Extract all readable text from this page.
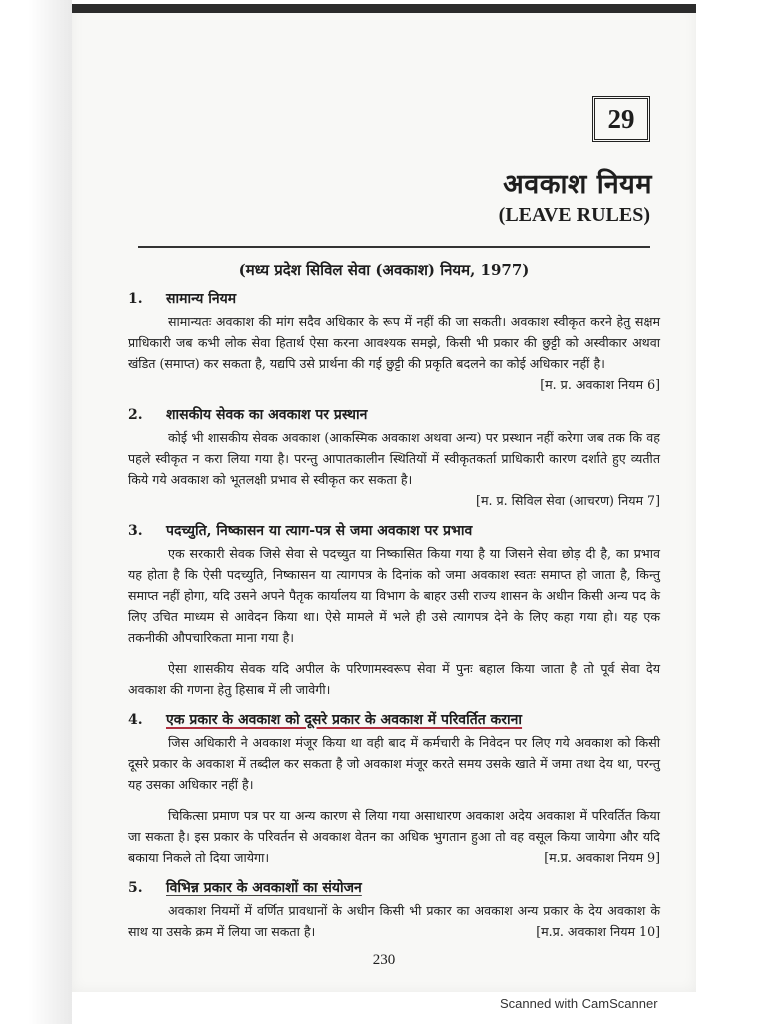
29
अवकाश नियम
(LEAVE RULES)
(मध्य प्रदेश सिविल सेवा (अवकाश) नियम, 1977)
1.	सामान्य नियम

सामान्यतः अवकाश की मांग सदैव अधिकार के रूप में नहीं की जा सकती। अवकाश स्वीकृत करने हेतु सक्षम प्राधिकारी जब कभी लोक सेवा हितार्थ ऐसा करना आवश्यक समझे, किसी भी प्रकार की छुट्टी को अस्वीकार अथवा खंडित (समाप्त) कर सकता है, यद्यपि उसे प्रार्थना की गई छुट्टी की प्रकृति बदलने का कोई अधिकार नहीं है।

[म. प्र. अवकाश नियम 6]
2.	शासकीय सेवक का अवकाश पर प्रस्थान

कोई भी शासकीय सेवक अवकाश (आकस्मिक अवकाश अथवा अन्य) पर प्रस्थान नहीं करेगा जब तक कि वह पहले स्वीकृत न करा लिया गया है। परन्तु आपातकालीन स्थितियों में स्वीकृतकर्ता प्राधिकारी कारण दर्शाते हुए व्यतीत किये गये अवकाश को भूतलक्षी प्रभाव से स्वीकृत कर सकता है।

[म. प्र. सिविल सेवा (आचरण) नियम 7]
3.	पदच्युति, निष्कासन या त्याग-पत्र से जमा अवकाश पर प्रभाव

एक सरकारी सेवक जिसे सेवा से पदच्युत या निष्कासित किया गया है या जिसने सेवा छोड़ दी है, का प्रभाव यह होता है कि ऐसी पदच्युति, निष्कासन या त्यागपत्र के दिनांक को जमा अवकाश स्वतः समाप्त हो जाता है, किन्तु समाप्त नहीं होगा, यदि उसने अपने पैतृक कार्यालय या विभाग के बाहर उसी राज्य शासन के अधीन किसी अन्य पद के लिए उचित माध्यम से आवेदन किया था। ऐसे मामले में भले ही उसे त्यागपत्र देने के लिए कहा गया हो। यह एक तकनीकी औपचारिकता माना गया है।

ऐसा शासकीय सेवक यदि अपील के परिणामस्वरूप सेवा में पुनः बहाल किया जाता है तो पूर्व सेवा देय अवकाश की गणना हेतु हिसाब में ली जावेगी।

4.	एक प्रकार के अवकाश को दूसरे प्रकार के अवकाश में परिवर्तित कराना

जिस अधिकारी ने अवकाश मंजूर किया था वही बाद में कर्मचारी के निवेदन पर लिए गये अवकाश को किसी दूसरे प्रकार के अवकाश में तब्दील कर सकता है जो अवकाश मंजूर करते समय उसके खाते में जमा तथा देय था, परन्तु यह उसका अधिकार नहीं है।

चिकित्सा प्रमाण पत्र पर या अन्य कारण से लिया गया असाधारण अवकाश अदेय अवकाश में परिवर्तित किया जा सकता है। इस प्रकार के परिवर्तन से अवकाश वेतन का अधिक भुगतान हुआ तो वह वसूल किया जायेगा और यदि बकाया निकले तो दिया जायेगा।	[म.प्र. अवकाश नियम 9]

5.	विभिन्न प्रकार के अवकाशों का संयोजन

अवकाश नियमों में वर्णित प्रावधानों के अधीन किसी भी प्रकार का अवकाश अन्य प्रकार के देय अवकाश के साथ या उसके क्रम में लिया जा सकता है।	[म.प्र. अवकाश नियम 10]

230
Scanned with CamScanner
